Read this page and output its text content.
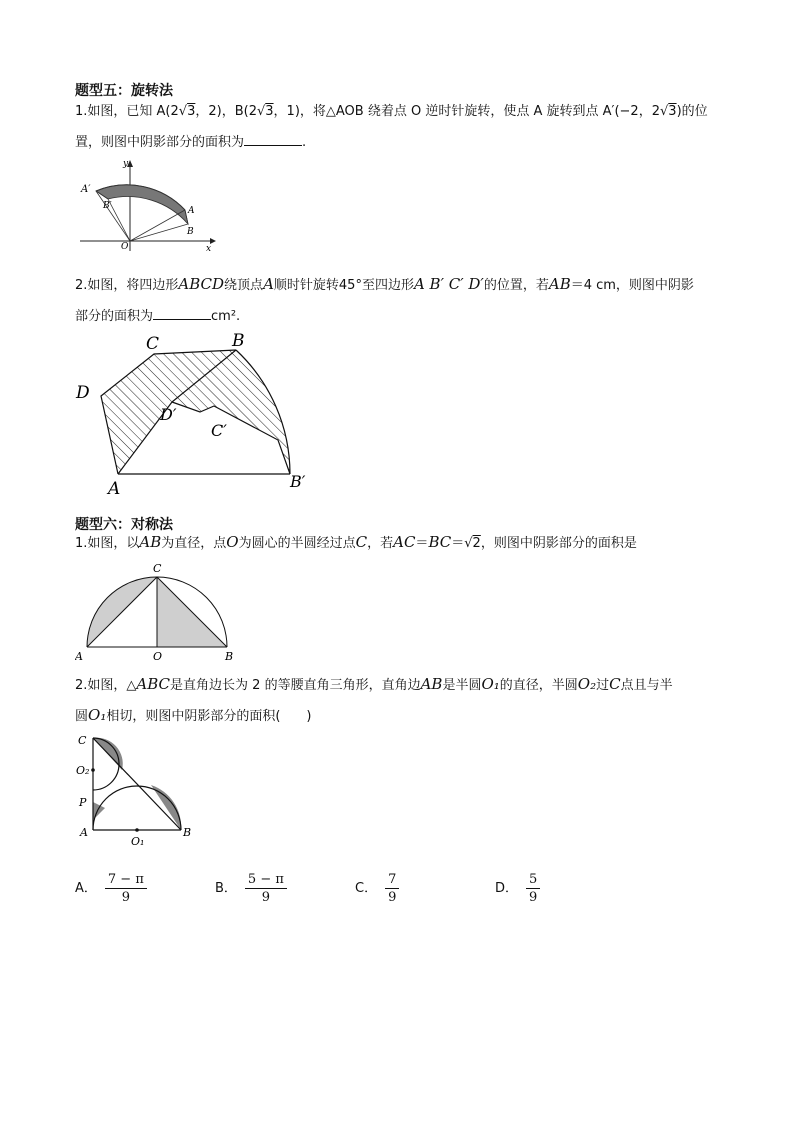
题型五：旋转法
1.如图，已知 A(2√3，2)，B(2√3，1)，将△AOB 绕着点 O 逆时针旋转，使点 A 旋转到点 A′(−2，2√3)的位
置，则图中阴影部分的面积为	.
A′
B′	A
B
O	x
y
2.如图，将四边形ABCD绕顶点A顺时针旋转45°至四边形A B′ C′ D′的位置，若AB＝4 cm，则图中阴影
部分的面积为	cm².
C	B
D
D′
C′
A	B′
题型六：对称法
1.如图，以AB为直径，点O为圆心的半圆经过点C，若AC＝BC＝√2，则图中阴影部分的面积是
C
A	O	B
2.如图，△ABC是直角边长为 2 的等腰直角三角形，直角边AB是半圆O₁的直径，半圆O₂过C点且与半
圆O₁相切，则图中阴影部分的面积(　　)
C
O₂
P
A
O₁
B
A． $\frac{7 - \pi}{9}$	B． $\frac{5 - \pi}{9}$	C． $\frac{7}{9}$	D． $\frac{5}{9}$
